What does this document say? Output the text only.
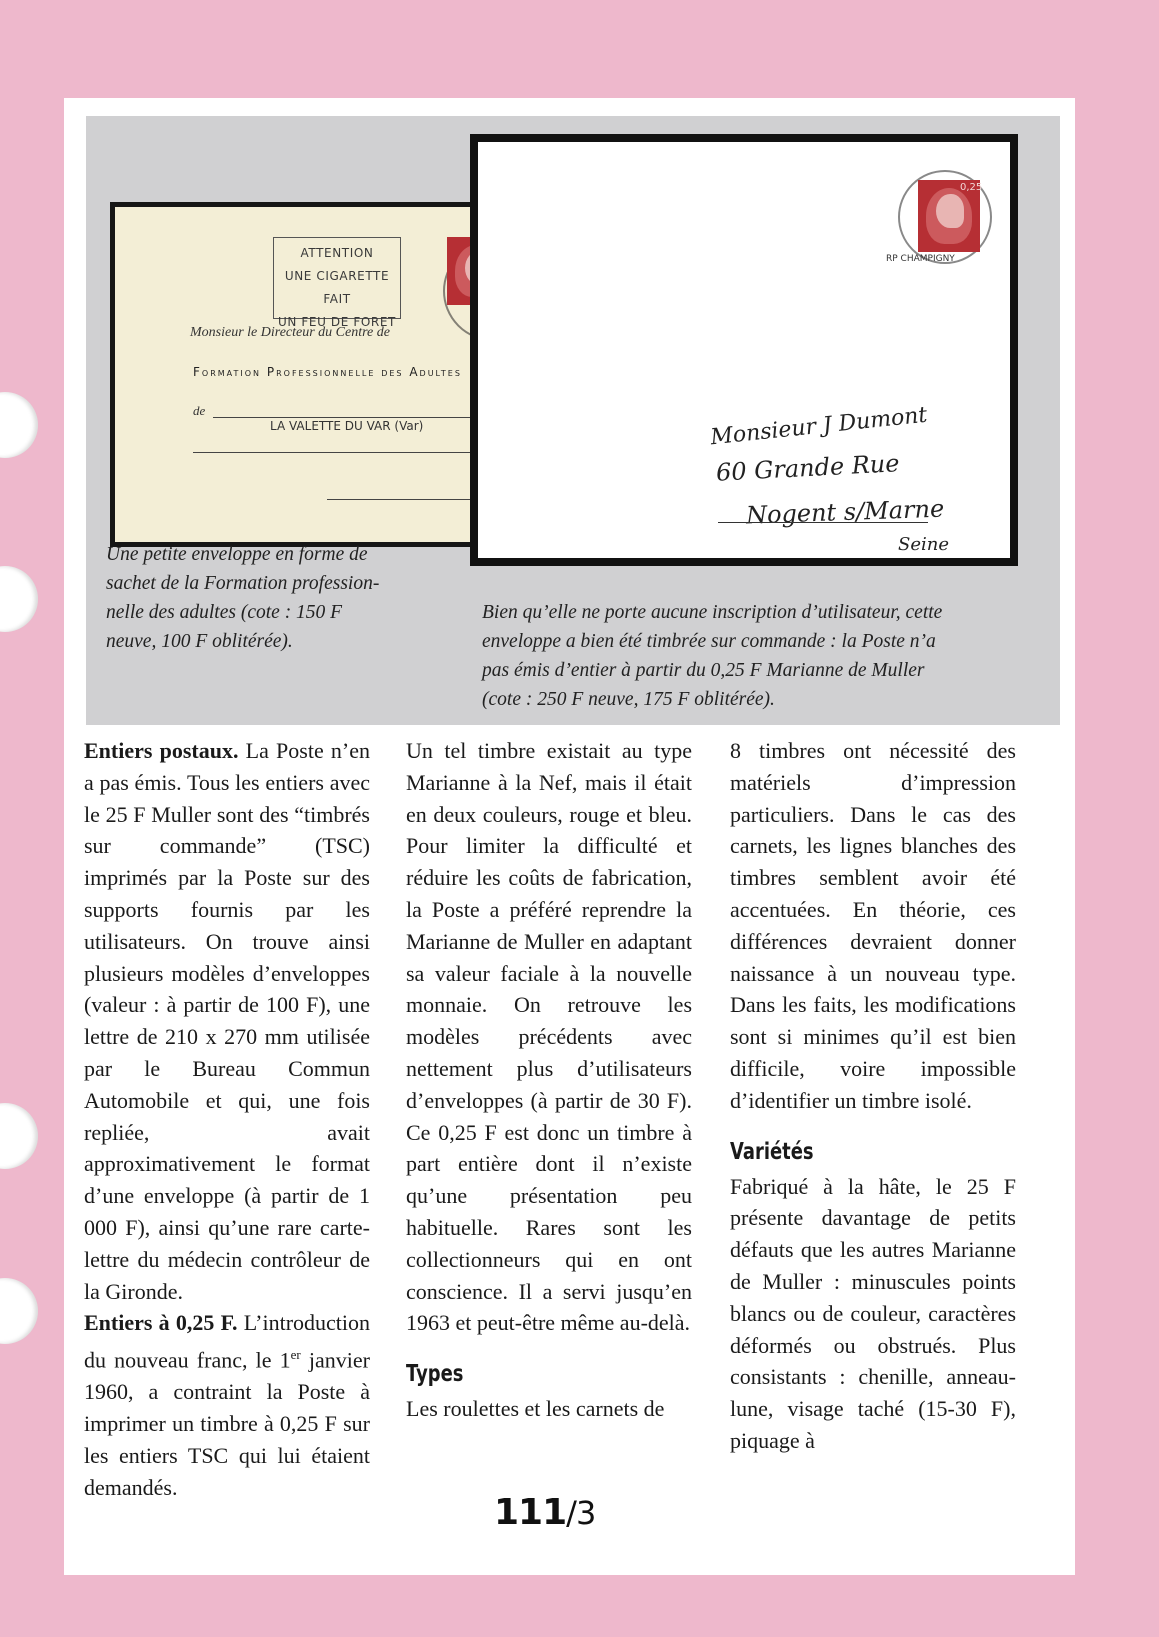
ATTENTION
UNE CIGARETTE FAIT
UN FEU DE FORET
Monsieur le Directeur du Centre de
Formation Professionnelle des Adultes
de
LA VALETTE DU VAR (Var)
0,25
RP CHAMPIGNY
Monsieur J Dumont
60 Grande Rue
Nogent s/Marne
Seine
Une petite enveloppe en forme de
sachet de la Formation profession-
nelle des adultes (cote : 150 F
neuve, 100 F oblitérée).
Bien qu’elle ne porte aucune inscription d’utilisateur, cette
enveloppe a bien été timbrée sur commande : la Poste n’a
pas émis d’entier à partir du 0,25 F Marianne de Muller
(cote : 250 F neuve, 175 F oblitérée).

Entiers postaux. La Poste n’en a pas émis. Tous les entiers avec le 25 F Muller sont des “timbrés sur commande” (TSC) imprimés par la Poste sur des supports fournis par les utilisateurs. On trouve ainsi plusieurs modèles d’enveloppes (valeur : à partir de 100 F), une lettre de 210 x 270 mm utilisée par le Bureau Commun Automobile et qui, une fois repliée, avait approximativement le format d’une enveloppe (à partir de 1 000 F), ainsi qu’une rare carte-lettre du médecin contrôleur de la Gironde.

Entiers à 0,25 F. L’introduction du nouveau franc, le 1er janvier 1960, a contraint la Poste à imprimer un timbre à 0,25 F sur les entiers TSC qui lui étaient demandés.

Un tel timbre existait au type Marianne à la Nef, mais il était en deux couleurs, rouge et bleu. Pour limiter la difficulté et réduire les coûts de fabrication, la Poste a préféré reprendre la Marianne de Muller en adaptant sa valeur faciale à la nouvelle monnaie. On retrouve les modèles précédents avec nettement plus d’utilisateurs d’enveloppes (à partir de 30 F). Ce 0,25 F est donc un timbre à part entière dont il n’existe qu’une présentation peu habituelle. Rares sont les collectionneurs qui en ont conscience. Il a servi jusqu’en 1963 et peut-être même au-delà.

Types

Les roulettes et les carnets de

8 timbres ont nécessité des matériels d’impression particuliers. Dans le cas des carnets, les lignes blanches des timbres semblent avoir été accentuées. En théorie, ces différences devraient donner naissance à un nouveau type. Dans les faits, les modifications sont si minimes qu’il est bien difficile, voire impossible d’identifier un timbre isolé.

Variétés

Fabriqué à la hâte, le 25 F présente davantage de petits défauts que les autres Marianne de Muller : minuscules points blancs ou de couleur, caractères déformés ou obstrués. Plus consistants : chenille, anneau-lune, visage taché (15-30 F), piquage à

111/3
